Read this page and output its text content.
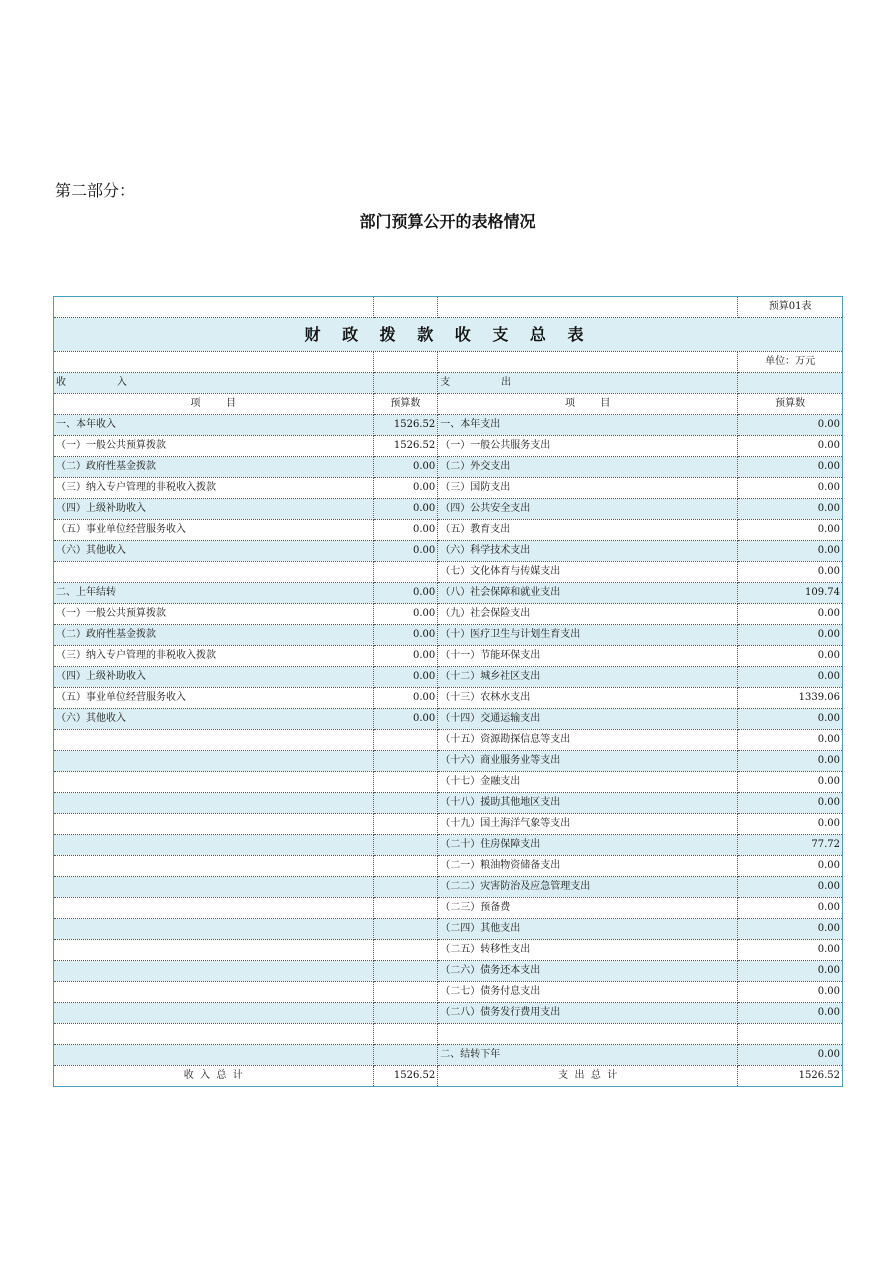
第二部分：
部门预算公开的表格情况
			预算01表
财 政 拨 款 收 支 总 表			
			单位：万元
收                入		支                出	
项        目	预算数	项        目	预算数
一、本年收入	1526.52	一、本年支出	0.00
（一）一般公共预算拨款	1526.52	（一）一般公共服务支出	0.00
（二）政府性基金拨款	0.00	（二）外交支出	0.00
（三）纳入专户管理的非税收入拨款	0.00	（三）国防支出	0.00
（四）上级补助收入	0.00	（四）公共安全支出	0.00
（五）事业单位经营服务收入	0.00	（五）教育支出	0.00
（六）其他收入	0.00	（六）科学技术支出	0.00
		（七）文化体育与传媒支出	0.00
二、上年结转	0.00	（八）社会保障和就业支出	109.74
（一）一般公共预算拨款	0.00	（九）社会保险支出	0.00
（二）政府性基金拨款	0.00	（十）医疗卫生与计划生育支出	0.00
（三）纳入专户管理的非税收入拨款	0.00	（十一）节能环保支出	0.00
（四）上级补助收入	0.00	（十二）城乡社区支出	0.00
（五）事业单位经营服务收入	0.00	（十三）农林水支出	1339.06
（六）其他收入	0.00	（十四）交通运输支出	0.00
		（十五）资源勘探信息等支出	0.00
		（十六）商业服务业等支出	0.00
		（十七）金融支出	0.00
		（十八）援助其他地区支出	0.00
		（十九）国土海洋气象等支出	0.00
		（二十）住房保障支出	77.72
		（二一）粮油物资储备支出	0.00
		（二二）灾害防治及应急管理支出	0.00
		（二三）预备费	0.00
		（二四）其他支出	0.00
		（二五）转移性支出	0.00
		（二六）债务还本支出	0.00
		（二七）债务付息支出	0.00
		（二八）债务发行费用支出	0.00

		二、结转下年	0.00
收  入  总  计	1526.52	支  出  总  计	1526.52
